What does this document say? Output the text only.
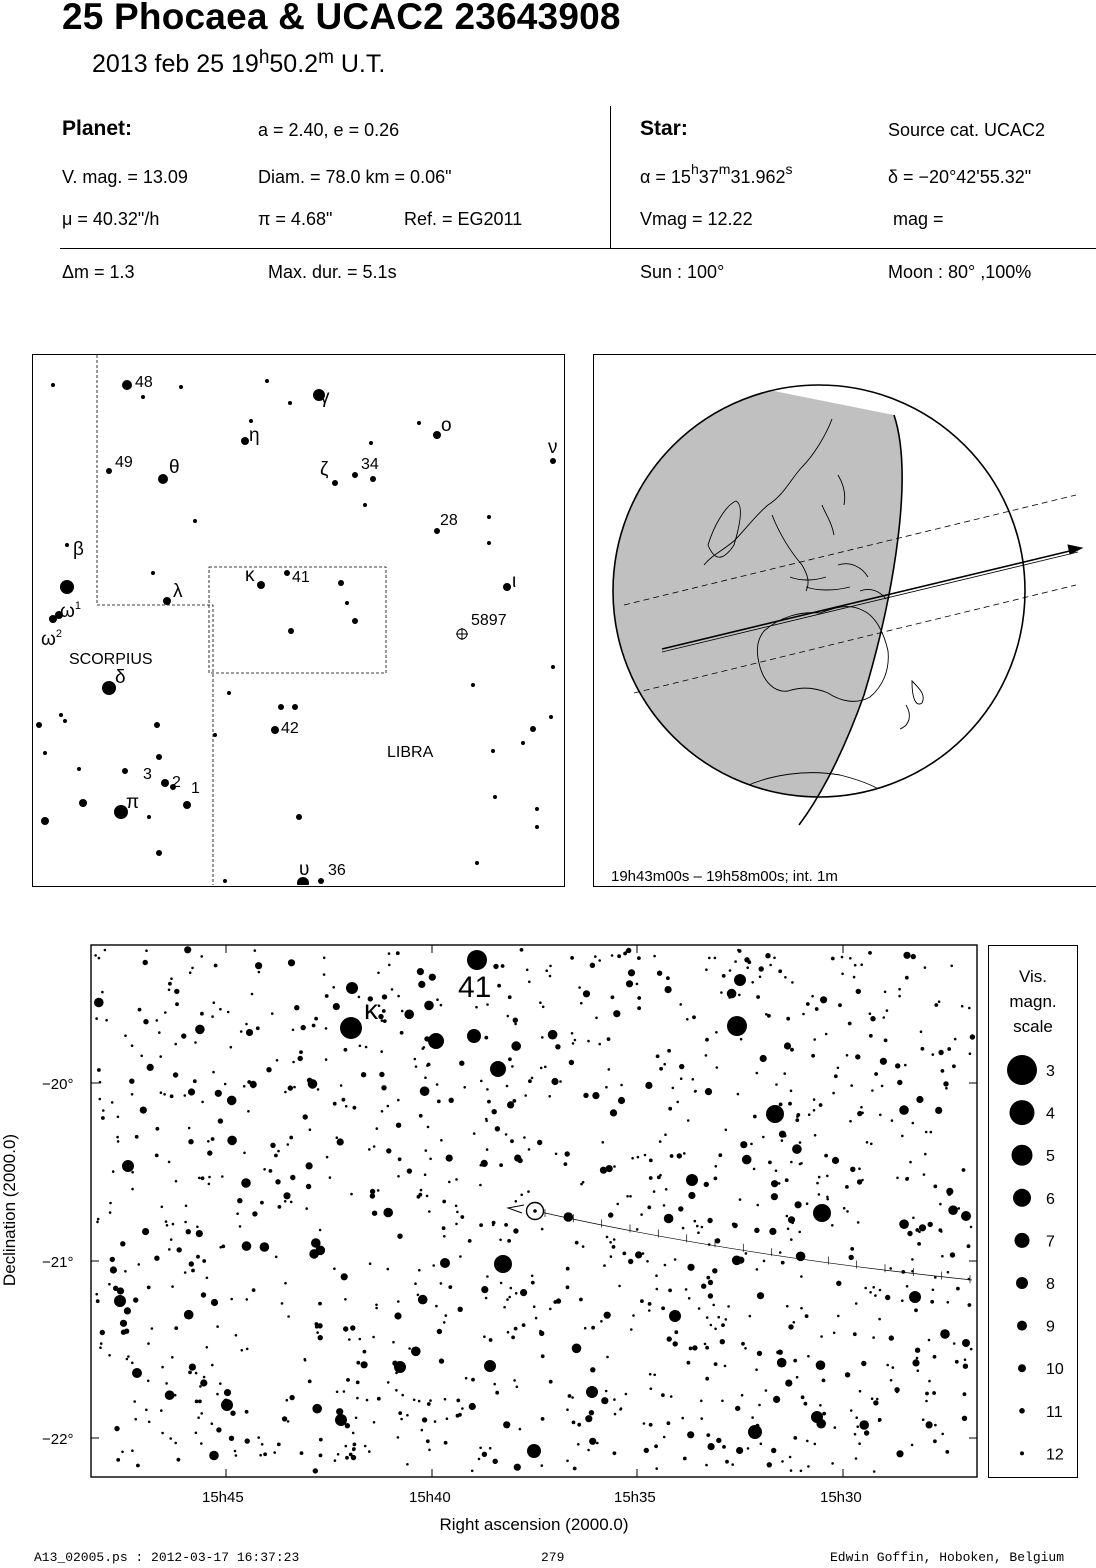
25 Phocaea & UCAC2 23643908
2013 feb 25 19$^h$50.2$^m$ U.T.
Planet:	a = 2.40, e = 0.26
V. mag. = 13.09	Diam. = 78.0 km = 0.06"
μ = 40.32"/h	π = 4.68"	Ref. = EG2011
Star:	Source cat. UCAC2
$\alpha = 15^h37^m31.962^s$	δ = −20°42'55.32"
Vmag = 12.22	mag =
Δm = 1.3	Max. dur. = 5.1s	Sun : 100°	Moon : 80° ,100%
48
49
γ
η	ο
θ	ζ 34
ν
28
β
λ
κ 41	ι
$\omega^1$
$\omega^2$
5897
SCORPIUS
δ
42
LIBRA
3 2 1
π
υ 36	19h43m00s – 19h58m00s; int. 1m
κ
41
−20°
−21°
−22°
15h45	15h40	15h35	15h30
Right ascension (2000.0)
Declination (2000.0)
Vis.
magn.
scale
3
4
5
6
7
8
9
10
11
12
A13_02005.ps : 2012-03-17 16:37:23	279	Edwin Goffin, Hoboken, Belgium
